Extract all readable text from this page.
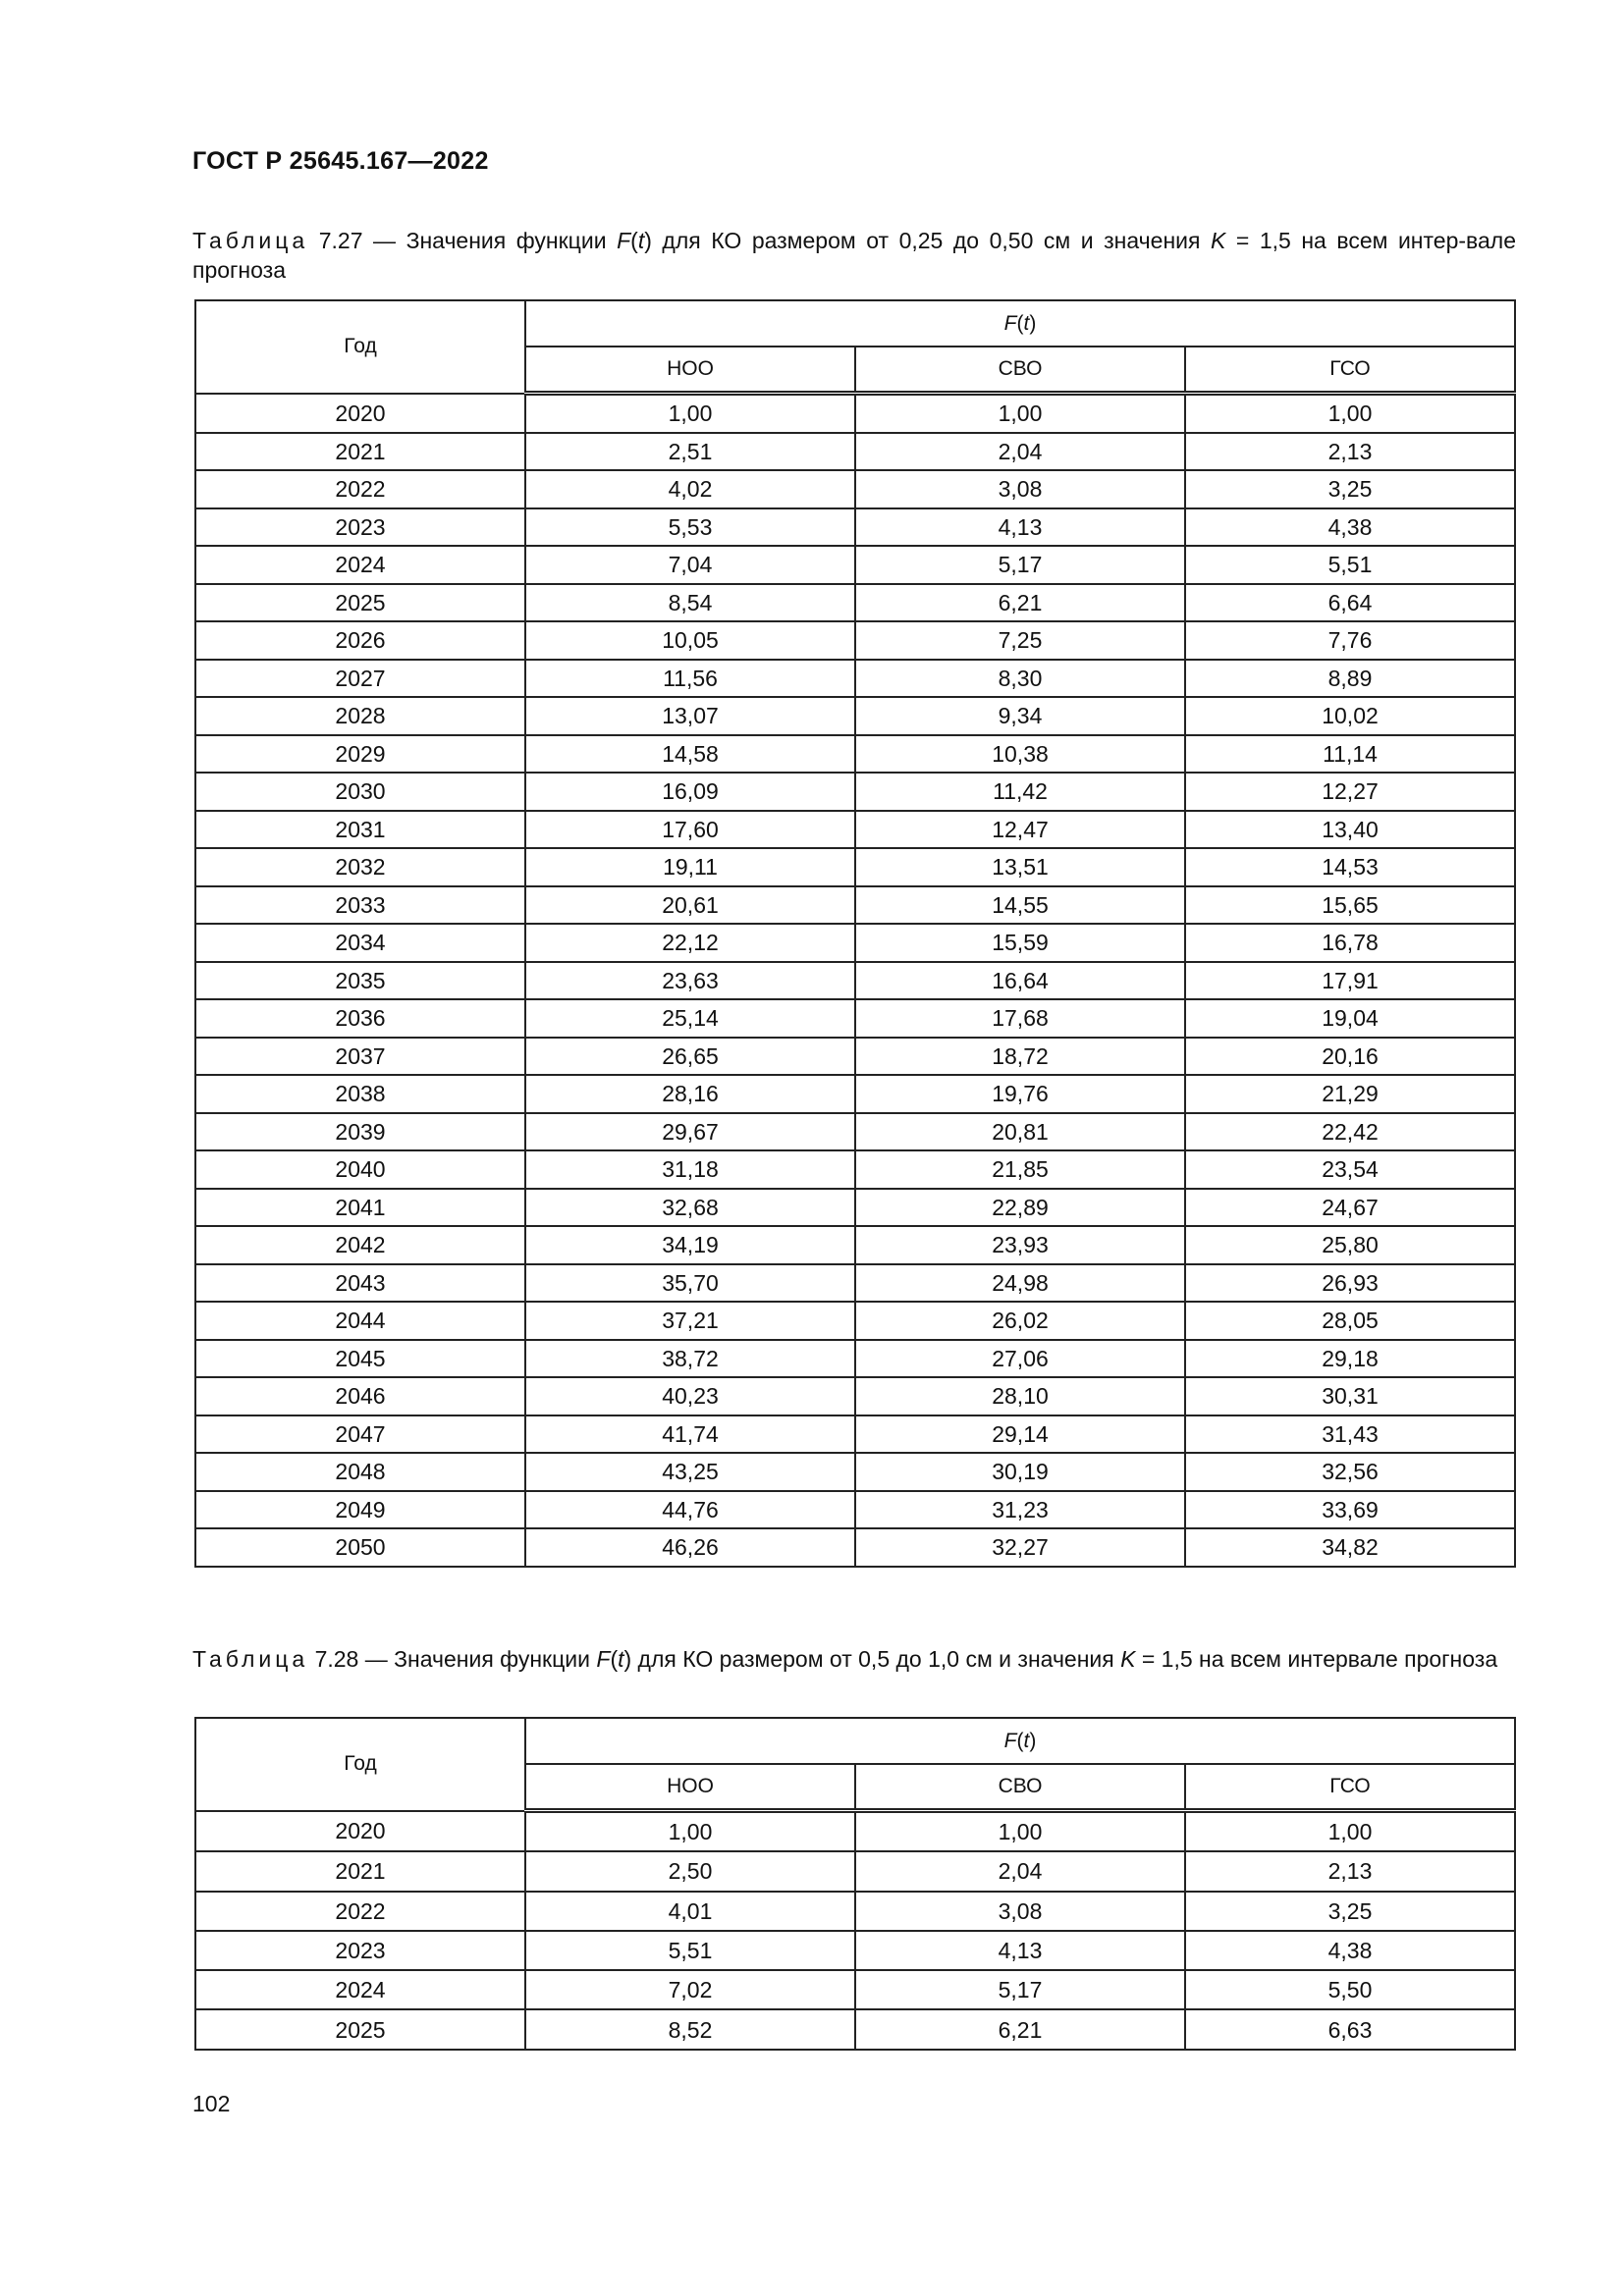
ГОСТ Р 25645.167—2022
Таблица 7.27 — Значения функции F(t) для КО размером от 0,25 до 0,50 см и значения K = 1,5 на всем интер-вале прогноза
Год	F(t)		
	НОО	СВО	ГСО
2020	1,00	1,00	1,00
2021	2,51	2,04	2,13
2022	4,02	3,08	3,25
2023	5,53	4,13	4,38
2024	7,04	5,17	5,51
2025	8,54	6,21	6,64
2026	10,05	7,25	7,76
2027	11,56	8,30	8,89
2028	13,07	9,34	10,02
2029	14,58	10,38	11,14
2030	16,09	11,42	12,27
2031	17,60	12,47	13,40
2032	19,11	13,51	14,53
2033	20,61	14,55	15,65
2034	22,12	15,59	16,78
2035	23,63	16,64	17,91
2036	25,14	17,68	19,04
2037	26,65	18,72	20,16
2038	28,16	19,76	21,29
2039	29,67	20,81	22,42
2040	31,18	21,85	23,54
2041	32,68	22,89	24,67
2042	34,19	23,93	25,80
2043	35,70	24,98	26,93
2044	37,21	26,02	28,05
2045	38,72	27,06	29,18
2046	40,23	28,10	30,31
2047	41,74	29,14	31,43
2048	43,25	30,19	32,56
2049	44,76	31,23	33,69
2050	46,26	32,27	34,82
Таблица 7.28 — Значения функции F(t) для КО размером от 0,5 до 1,0 см и значения K = 1,5 на всем интервале прогноза
Год	F(t)		
	НОО	СВО	ГСО
2020	1,00	1,00	1,00
2021	2,50	2,04	2,13
2022	4,01	3,08	3,25
2023	5,51	4,13	4,38
2024	7,02	5,17	5,50
2025	8,52	6,21	6,63
102
